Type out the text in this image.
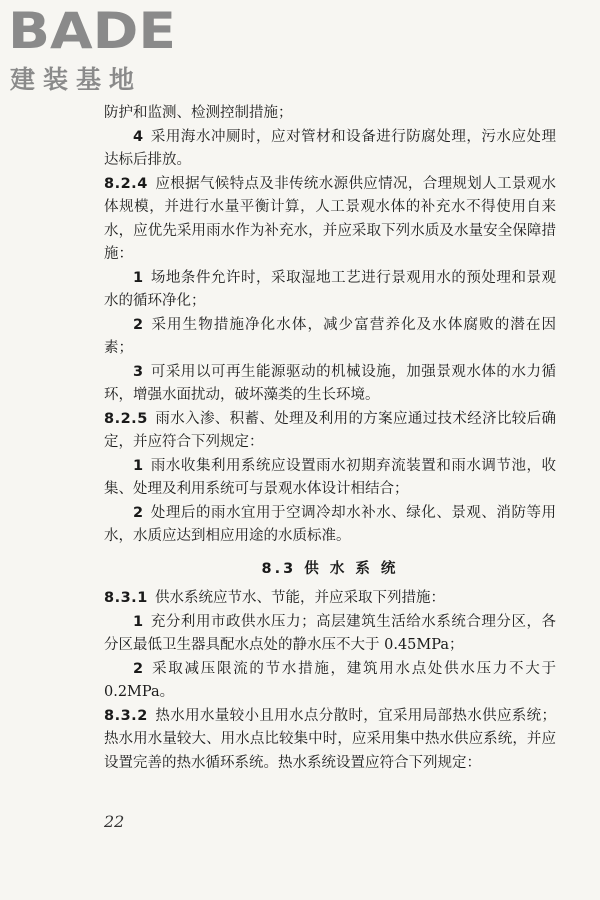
BADE
建装基地

防护和监测、检测控制措施；

4  采用海水冲厕时，应对管材和设备进行防腐处理，污水应处理达标后排放。

8.2.4  应根据气候特点及非传统水源供应情况，合理规划人工景观水体规模，并进行水量平衡计算，人工景观水体的补充水不得使用自来水，应优先采用雨水作为补充水，并应采取下列水质及水量安全保障措施：

1  场地条件允许时，采取湿地工艺进行景观用水的预处理和景观水的循环净化；

2  采用生物措施净化水体，减少富营养化及水体腐败的潜在因素；

3  可采用以可再生能源驱动的机械设施，加强景观水体的水力循环，增强水面扰动，破坏藻类的生长环境。

8.2.5  雨水入渗、积蓄、处理及利用的方案应通过技术经济比较后确定，并应符合下列规定：

1  雨水收集利用系统应设置雨水初期弃流装置和雨水调节池，收集、处理及利用系统可与景观水体设计相结合；

2  处理后的雨水宜用于空调冷却水补水、绿化、景观、消防等用水，水质应达到相应用途的水质标准。

8.3 供 水 系 统

8.3.1  供水系统应节水、节能，并应采取下列措施：

1  充分利用市政供水压力；高层建筑生活给水系统合理分区，各分区最低卫生器具配水点处的静水压不大于 0.45MPa；

2  采取减压限流的节水措施，建筑用水点处供水压力不大于 0.2MPa。

8.3.2  热水用水量较小且用水点分散时，宜采用局部热水供应系统；热水用水量较大、用水点比较集中时，应采用集中热水供应系统，并应设置完善的热水循环系统。热水系统设置应符合下列规定：

22
